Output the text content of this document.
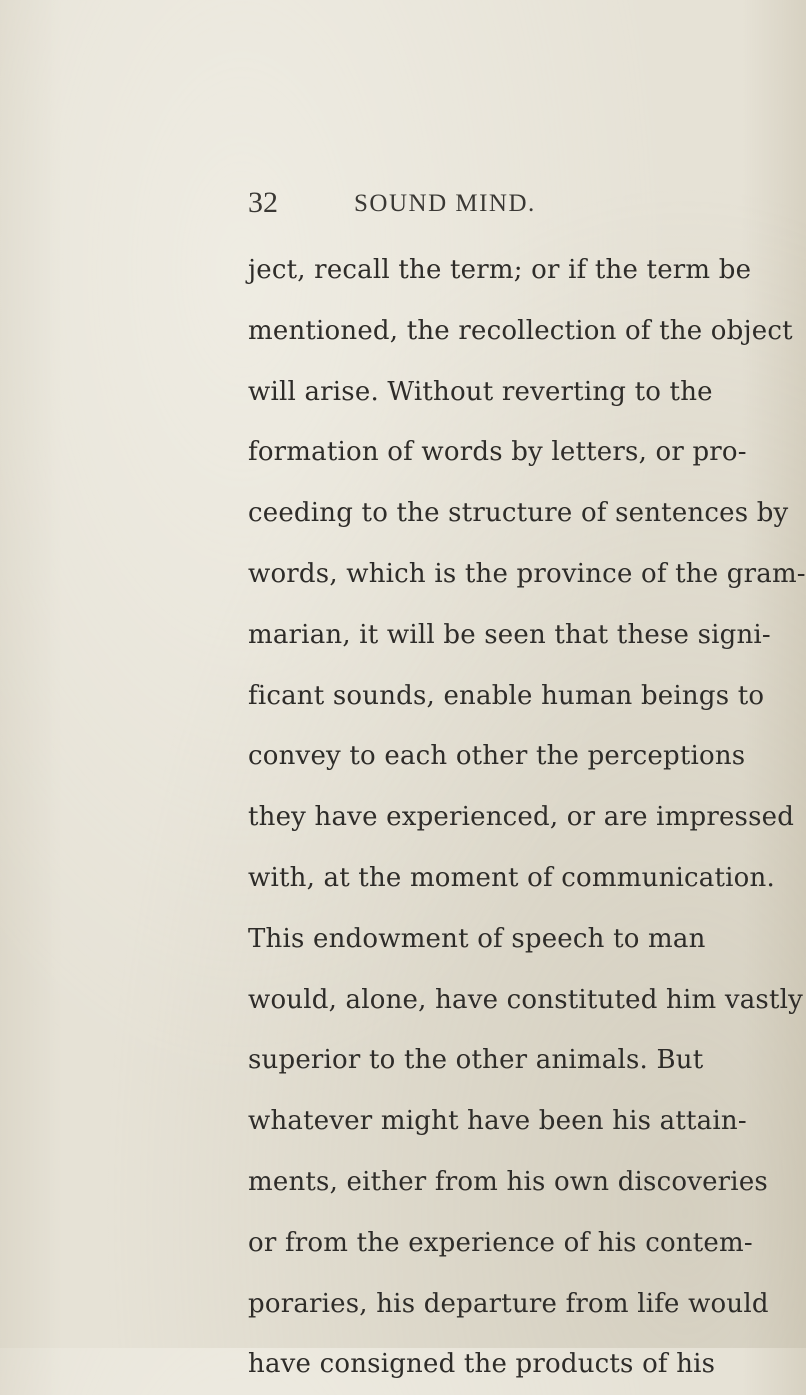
32	SOUND MIND.
ject, recall the term; or if the term be
mentioned, the recollection of the object
will arise. Without reverting to the
formation of words by letters, or pro-
ceeding to the structure of sentences by
words, which is the province of the gram-
marian, it will be seen that these signi-
ficant sounds, enable human beings to
convey to each other the perceptions
they have experienced, or are impressed
with, at the moment of communication.
This endowment of speech to man
would, alone, have constituted him vastly
superior to the other animals. But
whatever might have been his attain-
ments, either from his own discoveries
or from the experience of his contem-
poraries, his departure from life would
have consigned the products of his
